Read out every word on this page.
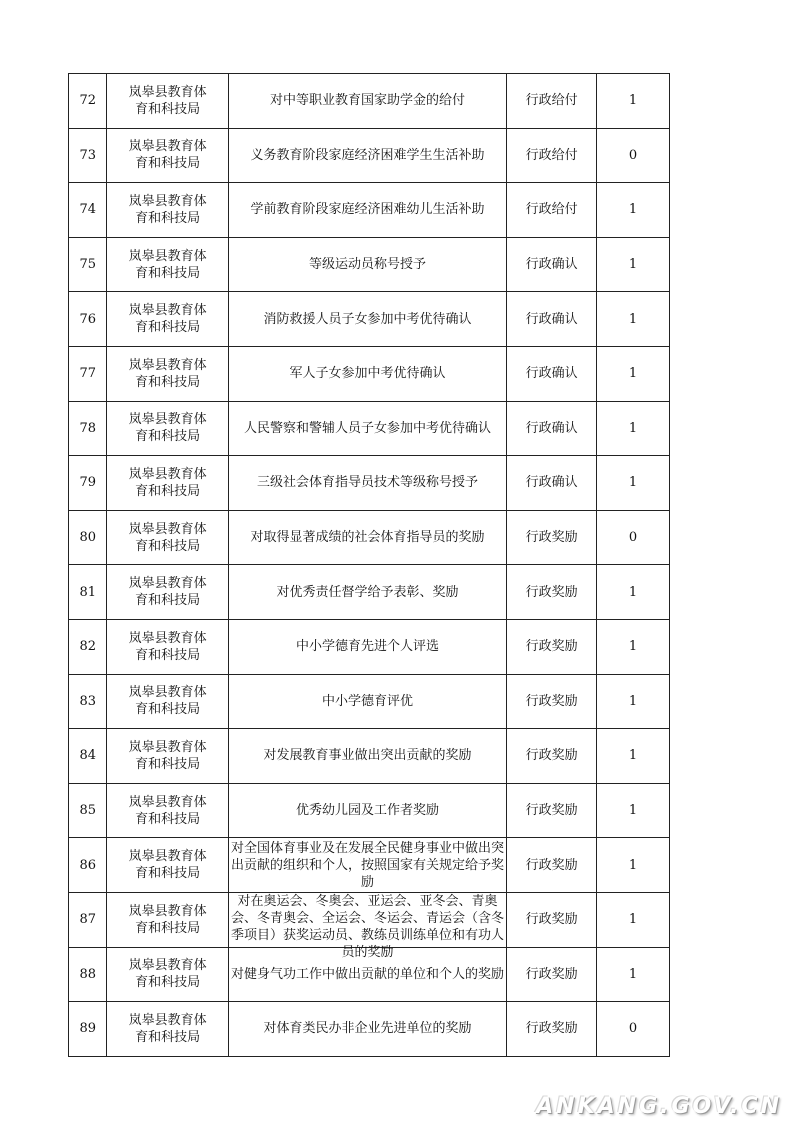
72	岚皋县教育体育和科技局	对中等职业教育国家助学金的给付	行政给付	1
73	岚皋县教育体育和科技局	义务教育阶段家庭经济困难学生生活补助	行政给付	0
74	岚皋县教育体育和科技局	学前教育阶段家庭经济困难幼儿生活补助	行政给付	1
75	岚皋县教育体育和科技局	等级运动员称号授予	行政确认	1
76	岚皋县教育体育和科技局	消防救援人员子女参加中考优待确认	行政确认	1
77	岚皋县教育体育和科技局	军人子女参加中考优待确认	行政确认	1
78	岚皋县教育体育和科技局	人民警察和警辅人员子女参加中考优待确认	行政确认	1
79	岚皋县教育体育和科技局	三级社会体育指导员技术等级称号授予	行政确认	1
80	岚皋县教育体育和科技局	对取得显著成绩的社会体育指导员的奖励	行政奖励	0
81	岚皋县教育体育和科技局	对优秀责任督学给予表彰、奖励	行政奖励	1
82	岚皋县教育体育和科技局	中小学德育先进个人评选	行政奖励	1
83	岚皋县教育体育和科技局	中小学德育评优	行政奖励	1
84	岚皋县教育体育和科技局	对发展教育事业做出突出贡献的奖励	行政奖励	1
85	岚皋县教育体育和科技局	优秀幼儿园及工作者奖励	行政奖励	1
86	岚皋县教育体育和科技局	对全国体育事业及在发展全民健身事业中做出突出贡献的组织和个人，按照国家有关规定给予奖励	行政奖励	1
87	岚皋县教育体育和科技局	对在奥运会、冬奥会、亚运会、亚冬会、青奥会、冬青奥会、全运会、冬运会、青运会（含冬季项目）获奖运动员、教练员训练单位和有功人员的奖励	行政奖励	1
88	岚皋县教育体育和科技局	对健身气功工作中做出贡献的单位和个人的奖励	行政奖励	1
89	岚皋县教育体育和科技局	对体育类民办非企业先进单位的奖励	行政奖励	0
ANKANG.GOV.CN
